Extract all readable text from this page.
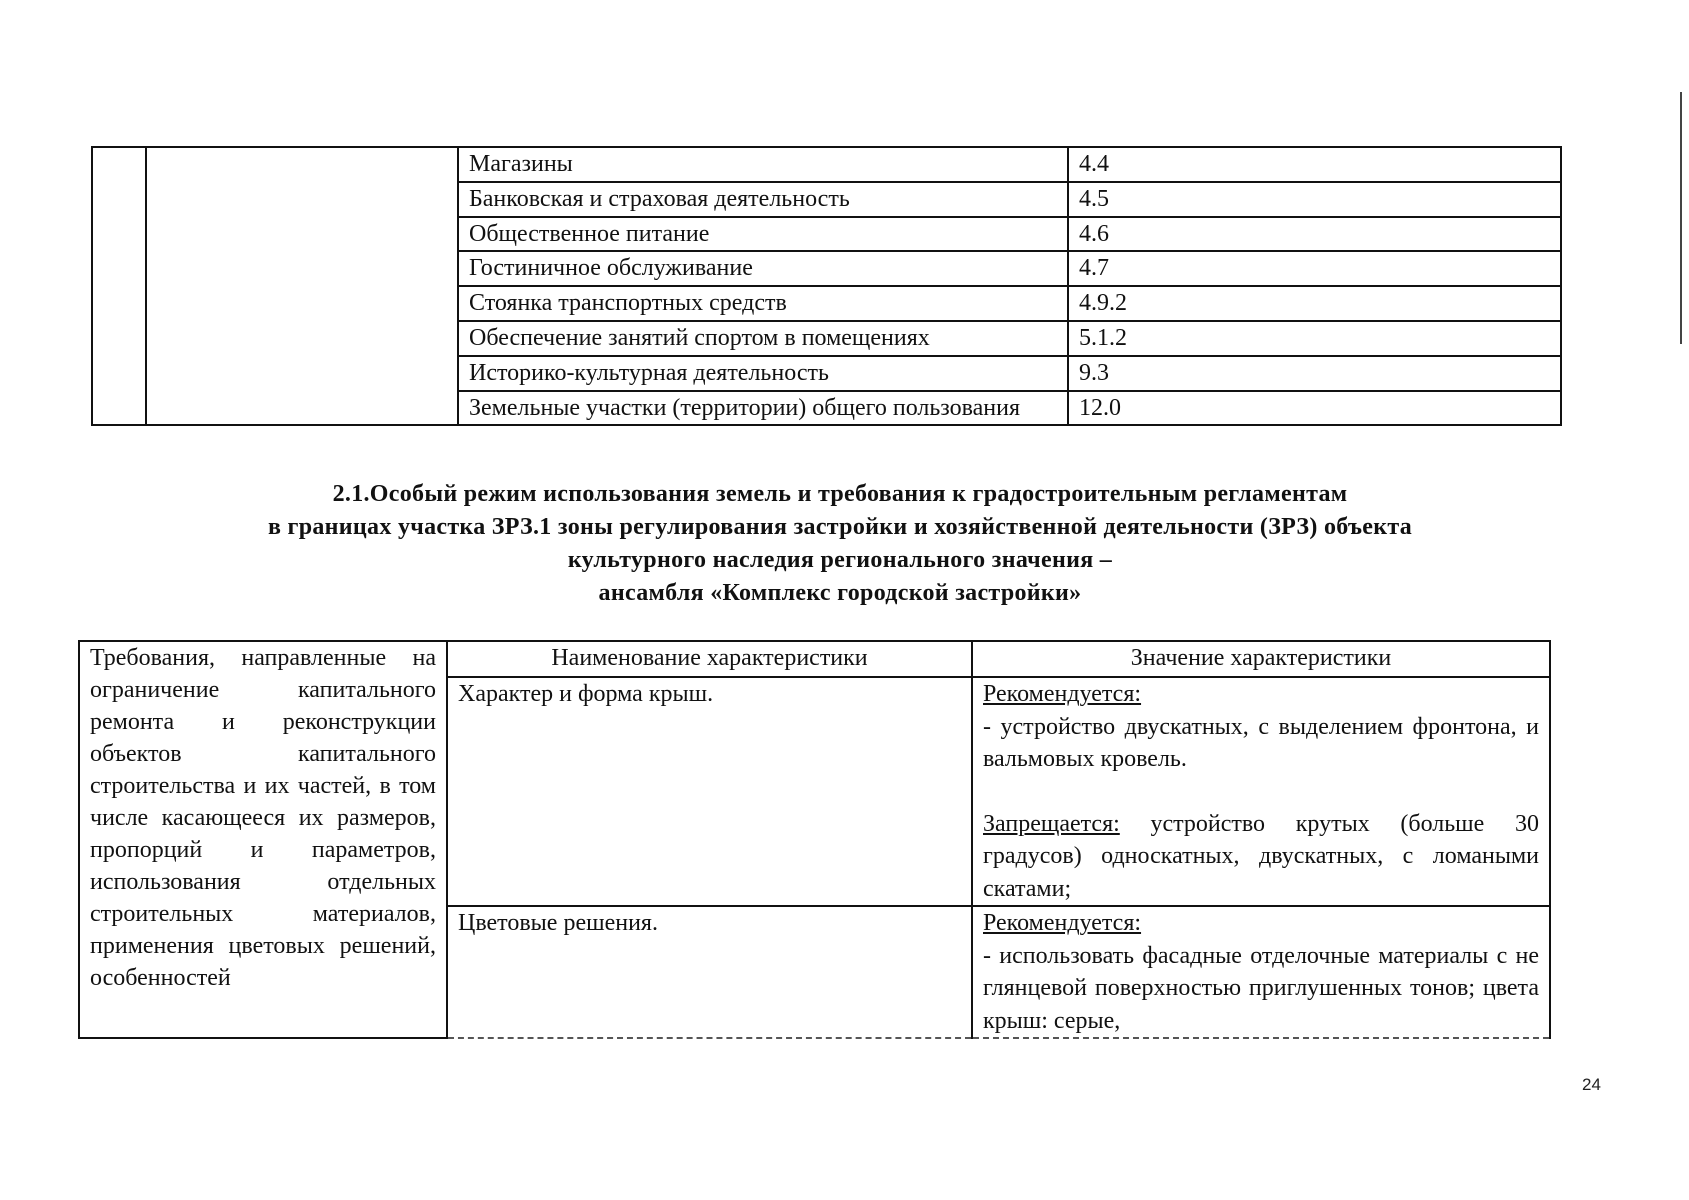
		Магазины	4.4
		Банковская и страховая деятельность	4.5
		Общественное питание	4.6
		Гостиничное обслуживание	4.7
		Стоянка транспортных средств	4.9.2
		Обеспечение занятий спортом в помещениях	5.1.2
		Историко-культурная деятельность	9.3
		Земельные участки (территории) общего пользования	12.0
2.1.Особый режим использования земель и требования к градостроительным регламентам
в границах участка ЗРЗ.1 зоны регулирования застройки и хозяйственной деятельности (ЗРЗ) объекта
культурного наследия регионального значения –
ансамбля «Комплекс городской застройки»
Требования, направленные на ограничение капитального ремонта и реконструкции объектов капитального строительства и их частей, в том числе касающееся их размеров, пропорций и параметров, использования отдельных строительных материалов, применения цветовых решений, особенностей	Наименование характеристики	Значение характеристики
	Характер и форма крыш.	Рекомендуется:
- устройство двускатных, с выделением фронтона, и вальмовых кровель.
Запрещается: устройство крутых (больше 30 градусов) односкатных, двускатных, с ломаными скатами;

	Цветовые решения.	Рекомендуется:
- использовать фасадные отделочные материалы с не глянцевой поверхностью приглушенных тонов; цвета крыш: серые,
24
